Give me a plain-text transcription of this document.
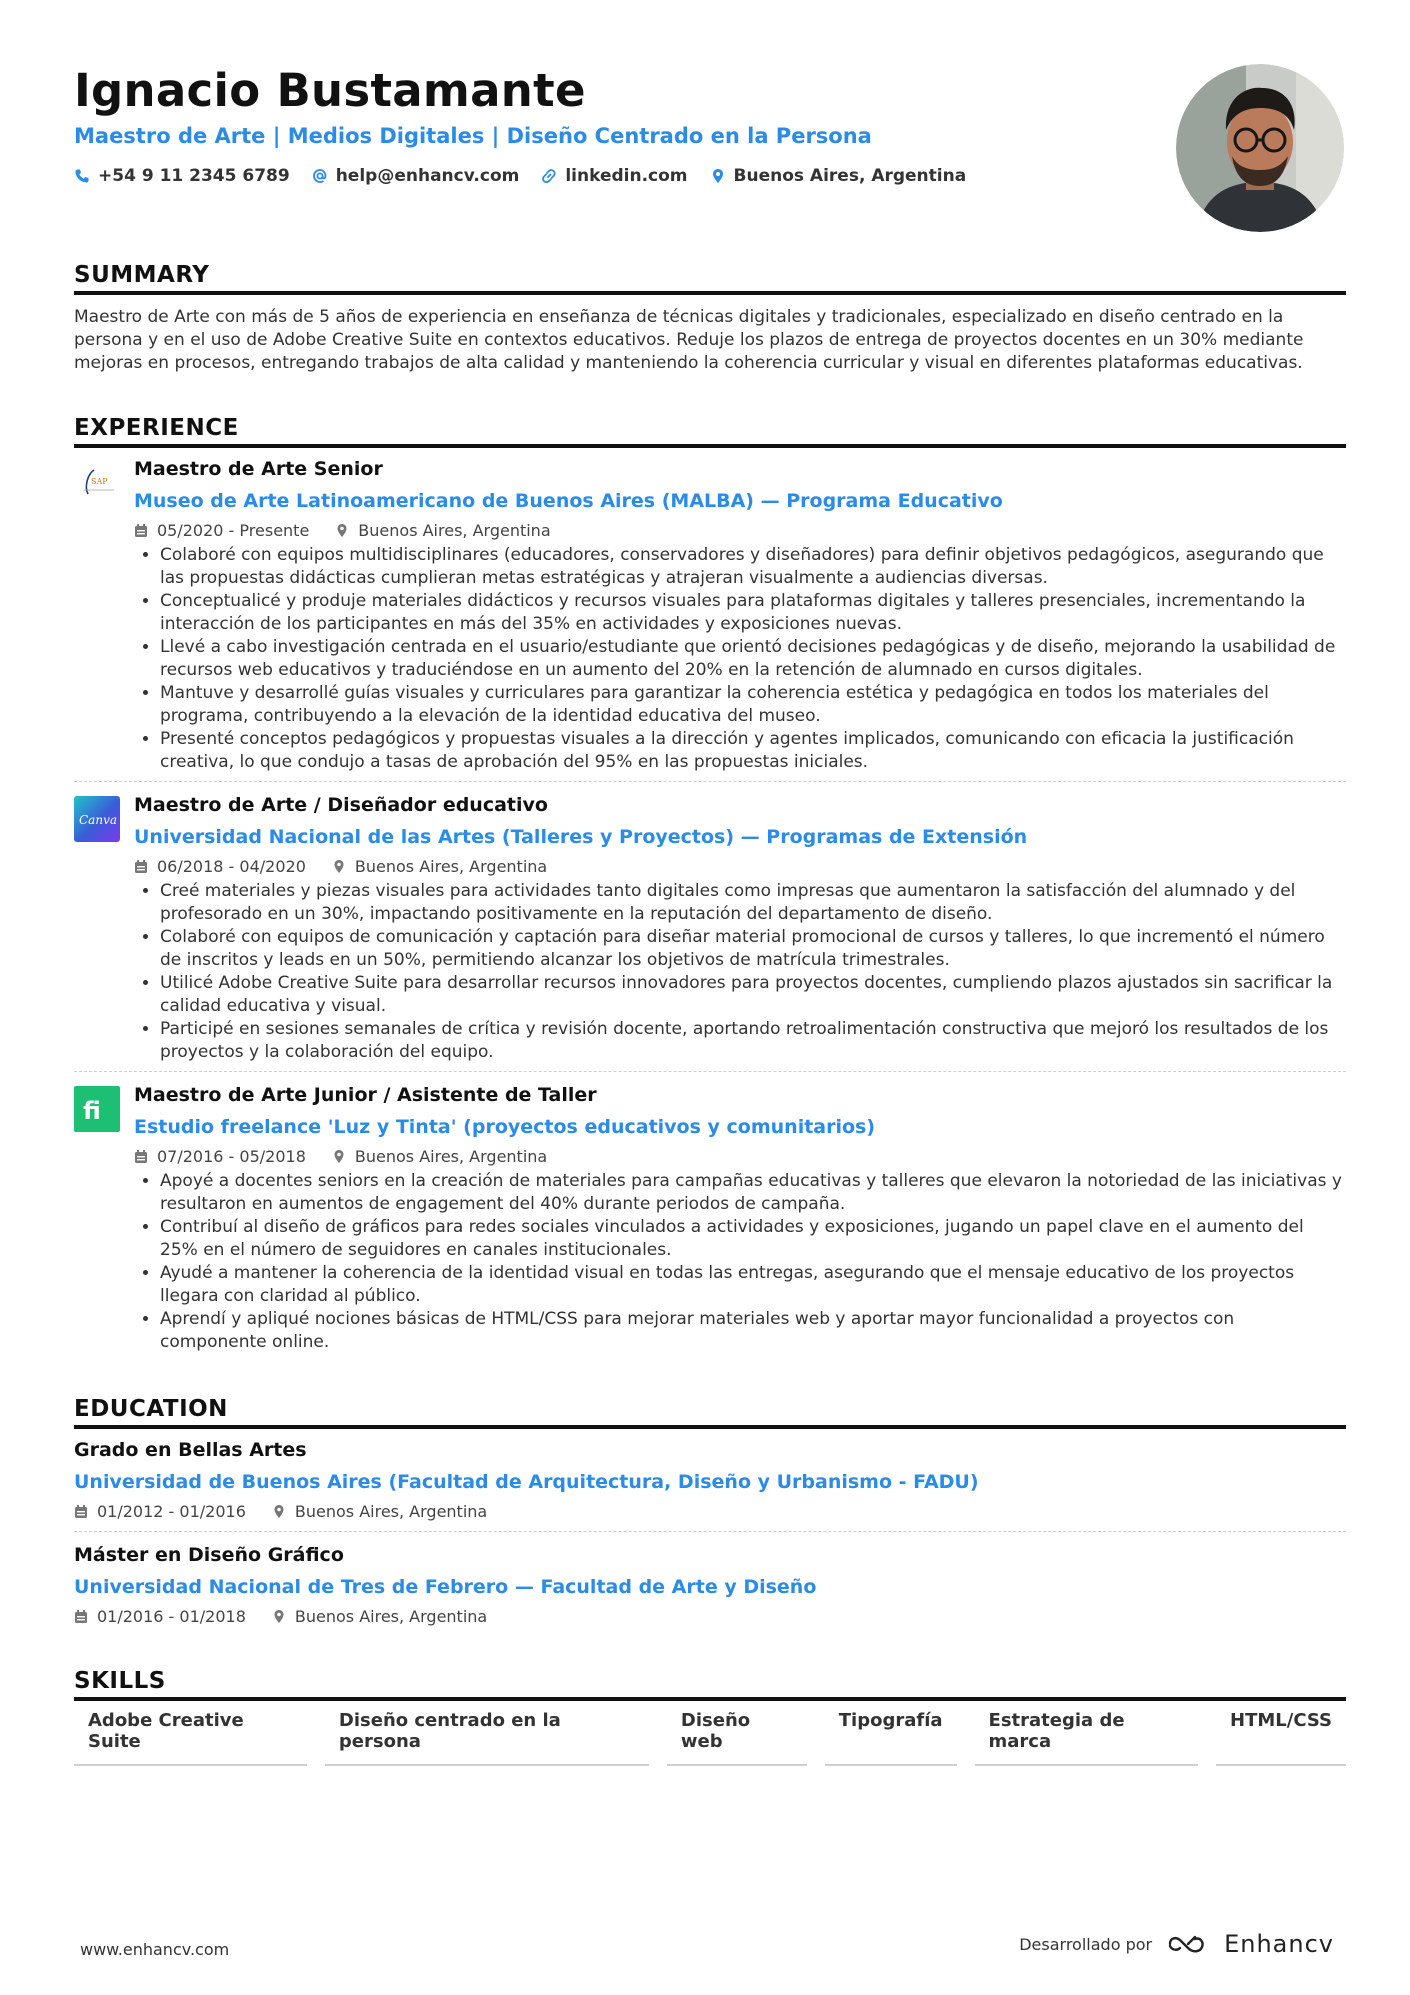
Ignacio Bustamante
Maestro de Arte | Medios Digitales | Diseño Centrado en la Persona
+54 9 11 2345 6789	help@enhancv.com	linkedin.com	Buenos Aires, Argentina
SUMMARY
Maestro de Arte con más de 5 años de experiencia en enseñanza de técnicas digitales y tradicionales, especializado en diseño centrado en la persona y en el uso de Adobe Creative Suite en contextos educativos. Reduje los plazos de entrega de proyectos docentes en un 30% mediante mejoras en procesos, entregando trabajos de alta calidad y manteniendo la coherencia curricular y visual en diferentes plataformas educativas.
EXPERIENCE
SAP
Maestro de Arte Senior
Museo de Arte Latinoamericano de Buenos Aires (MALBA) — Programa Educativo
05/2020 - Presente	Buenos Aires, Argentina
• Colaboré con equipos multidisciplinares (educadores, conservadores y diseñadores) para definir objetivos pedagógicos, asegurando que las propuestas didácticas cumplieran metas estratégicas y atrajeran visualmente a audiencias diversas.
• Conceptualicé y produje materiales didácticos y recursos visuales para plataformas digitales y talleres presenciales, incrementando la interacción de los participantes en más del 35% en actividades y exposiciones nuevas.
• Llevé a cabo investigación centrada en el usuario/estudiante que orientó decisiones pedagógicas y de diseño, mejorando la usabilidad de recursos web educativos y traduciéndose en un aumento del 20% en la retención de alumnado en cursos digitales.
• Mantuve y desarrollé guías visuales y curriculares para garantizar la coherencia estética y pedagógica en todos los materiales del programa, contribuyendo a la elevación de la identidad educativa del museo.
• Presenté conceptos pedagógicos y propuestas visuales a la dirección y agentes implicados, comunicando con eficacia la justificación creativa, lo que condujo a tasas de aprobación del 95% en las propuestas iniciales.
Canva
Maestro de Arte / Diseñador educativo
Universidad Nacional de las Artes (Talleres y Proyectos) — Programas de Extensión
06/2018 - 04/2020	Buenos Aires, Argentina
• Creé materiales y piezas visuales para actividades tanto digitales como impresas que aumentaron la satisfacción del alumnado y del profesorado en un 30%, impactando positivamente en la reputación del departamento de diseño.
• Colaboré con equipos de comunicación y captación para diseñar material promocional de cursos y talleres, lo que incrementó el número de inscritos y leads en un 50%, permitiendo alcanzar los objetivos de matrícula trimestrales.
• Utilicé Adobe Creative Suite para desarrollar recursos innovadores para proyectos docentes, cumpliendo plazos ajustados sin sacrificar la calidad educativa y visual.
• Participé en sesiones semanales de crítica y revisión docente, aportando retroalimentación constructiva que mejoró los resultados de los proyectos y la colaboración del equipo.
fi
Maestro de Arte Junior / Asistente de Taller
Estudio freelance 'Luz y Tinta' (proyectos educativos y comunitarios)
07/2016 - 05/2018	Buenos Aires, Argentina
• Apoyé a docentes seniors en la creación de materiales para campañas educativas y talleres que elevaron la notoriedad de las iniciativas y resultaron en aumentos de engagement del 40% durante periodos de campaña.
• Contribuí al diseño de gráficos para redes sociales vinculados a actividades y exposiciones, jugando un papel clave en el aumento del 25% en el número de seguidores en canales institucionales.
• Ayudé a mantener la coherencia de la identidad visual en todas las entregas, asegurando que el mensaje educativo de los proyectos llegara con claridad al público.
• Aprendí y apliqué nociones básicas de HTML/CSS para mejorar materiales web y aportar mayor funcionalidad a proyectos con componente online.
EDUCATION
Grado en Bellas Artes
Universidad de Buenos Aires (Facultad de Arquitectura, Diseño y Urbanismo - FADU)
01/2012 - 01/2016	Buenos Aires, Argentina
Máster en Diseño Gráfico
Universidad Nacional de Tres de Febrero — Facultad de Arte y Diseño
01/2016 - 01/2018	Buenos Aires, Argentina
SKILLS
Adobe Creative Suite
Diseño centrado en la persona
Diseño web
Tipografía	Estrategia de marca
HTML/CSS
www.enhancv.com	Desarrollado por	Enhancv
